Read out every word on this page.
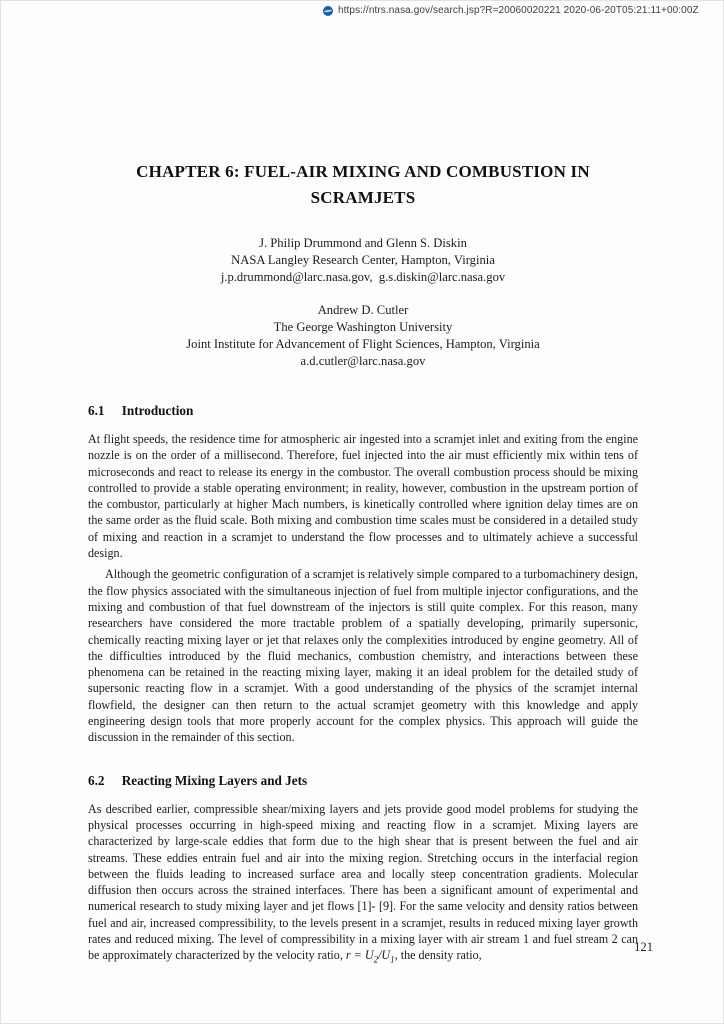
https://ntrs.nasa.gov/search.jsp?R=20060020221 2020-06-20T05:21:11+00:00Z
CHAPTER 6: FUEL-AIR MIXING AND COMBUSTION IN SCRAMJETS
J. Philip Drummond and Glenn S. Diskin
NASA Langley Research Center, Hampton, Virginia
j.p.drummond@larc.nasa.gov,  g.s.diskin@larc.nasa.gov
Andrew D. Cutler
The George Washington University
Joint Institute for Advancement of Flight Sciences, Hampton, Virginia
a.d.cutler@larc.nasa.gov
6.1 Introduction

At flight speeds, the residence time for atmospheric air ingested into a scramjet inlet and exiting from the engine nozzle is on the order of a millisecond. Therefore, fuel injected into the air must efficiently mix within tens of microseconds and react to release its energy in the combustor. The overall combustion process should be mixing controlled to provide a stable operating environment; in reality, however, combustion in the upstream portion of the combustor, particularly at higher Mach numbers, is kinetically controlled where ignition delay times are on the same order as the fluid scale. Both mixing and combustion time scales must be considered in a detailed study of mixing and reaction in a scramjet to understand the flow processes and to ultimately achieve a successful design.

Although the geometric configuration of a scramjet is relatively simple compared to a turbomachinery design, the flow physics associated with the simultaneous injection of fuel from multiple injector configurations, and the mixing and combustion of that fuel downstream of the injectors is still quite complex. For this reason, many researchers have considered the more tractable problem of a spatially developing, primarily supersonic, chemically reacting mixing layer or jet that relaxes only the complexities introduced by engine geometry. All of the difficulties introduced by the fluid mechanics, combustion chemistry, and interactions between these phenomena can be retained in the reacting mixing layer, making it an ideal problem for the detailed study of supersonic reacting flow in a scramjet. With a good understanding of the physics of the scramjet internal flowfield, the designer can then return to the actual scramjet geometry with this knowledge and apply engineering design tools that more properly account for the complex physics. This approach will guide the discussion in the remainder of this section.

6.2 Reacting Mixing Layers and Jets

As described earlier, compressible shear/mixing layers and jets provide good model problems for studying the physical processes occurring in high-speed mixing and reacting flow in a scramjet. Mixing layers are characterized by large-scale eddies that form due to the high shear that is present between the fuel and air streams. These eddies entrain fuel and air into the mixing region. Stretching occurs in the interfacial region between the fluids leading to increased surface area and locally steep concentration gradients. Molecular diffusion then occurs across the strained interfaces. There has been a significant amount of experimental and numerical research to study mixing layer and jet flows [1]- [9]. For the same velocity and density ratios between fuel and air, increased compressibility, to the levels present in a scramjet, results in reduced mixing layer growth rates and reduced mixing. The level of compressibility in a mixing layer with air stream 1 and fuel stream 2 can be approximately characterized by the velocity ratio, $r = U_2/U_1$, the density ratio,

121
